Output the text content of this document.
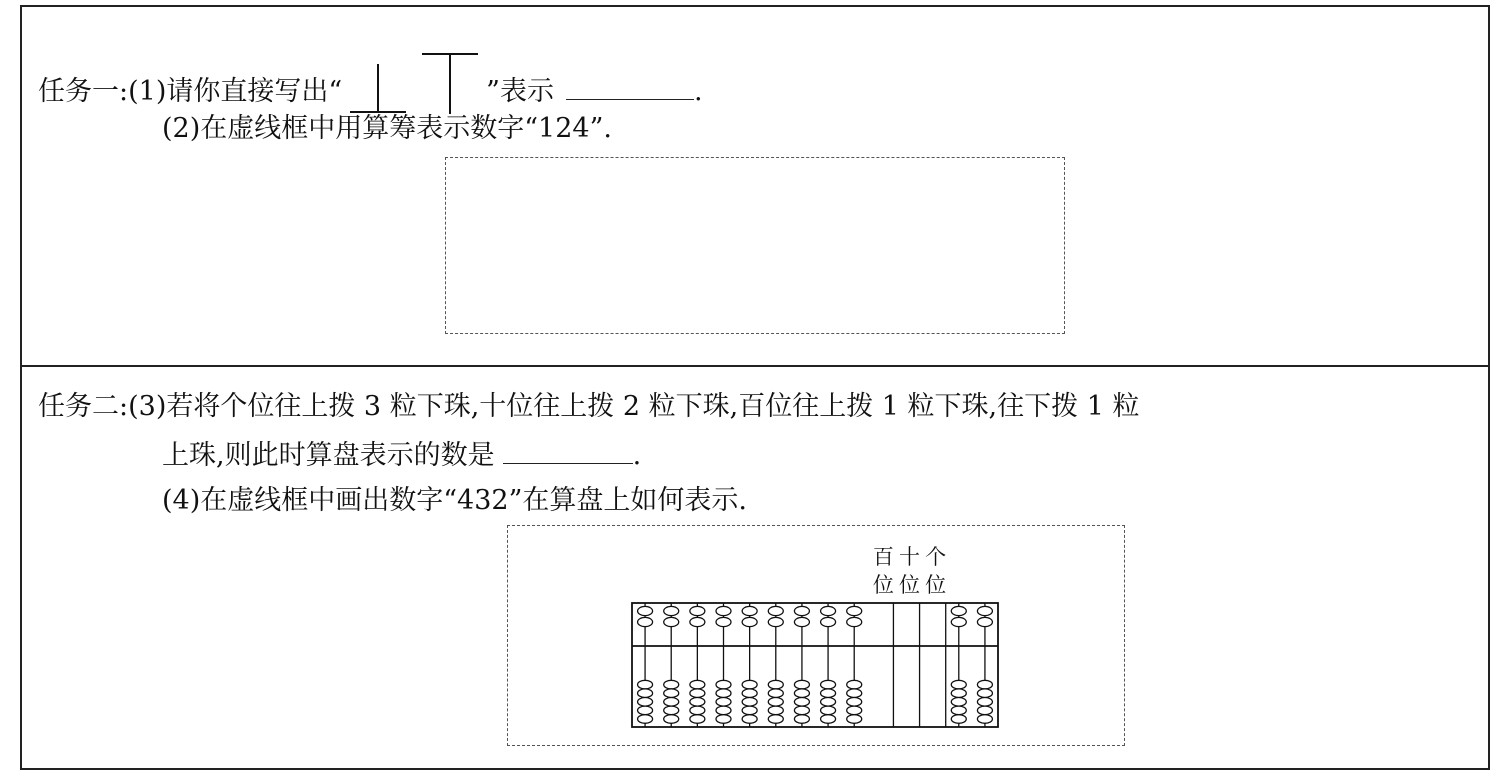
任务一:(1)请你直接写出“	”表示	.
(2)在虚线框中用算筹表示数字“124”.
任务二:(3)若将个位往上拨 3 粒下珠,十位往上拨 2 粒下珠,百位往上拨 1 粒下珠,往下拨 1 粒
上珠,则此时算盘表示的数是	.
(4)在虚线框中画出数字“432”在算盘上如何表示.
百
位
十
位
个
位
